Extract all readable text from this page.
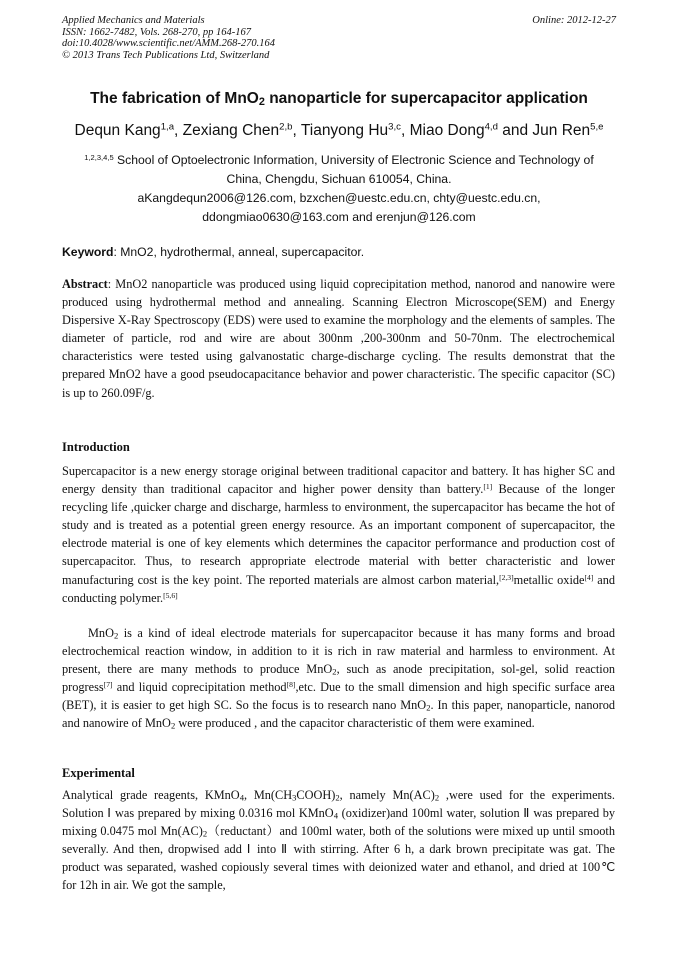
Applied Mechanics and Materials
ISSN: 1662-7482, Vols. 268-270, pp 164-167
doi:10.4028/www.scientific.net/AMM.268-270.164
© 2013 Trans Tech Publications Ltd, Switzerland
Online: 2012-12-27
The fabrication of MnO$_2$ nanoparticle for supercapacitor application
Dequn Kang$^{1,a}$, Zexiang Chen$^{2,b}$, Tianyong Hu$^{3,c}$, Miao Dong$^{4,d}$ and Jun Ren$^{5,e}$
$^{1,2,3,4,5}$ School of Optoelectronic Information, University of Electronic Science and Technology of
China, Chengdu, Sichuan 610054, China.
aKangdequn2006@126.com, bzxchen@uestc.edu.cn, chty@uestc.edu.cn,
ddongmiao0630@163.com and erenjun@126.com
Keyword: MnO2, hydrothermal, anneal, supercapacitor.

Abstract: MnO2 nanoparticle was produced using liquid coprecipitation method, nanorod and nanowire were produced using hydrothermal method and annealing. Scanning Electron Microscope(SEM) and Energy Dispersive X-Ray Spectroscopy (EDS) were used to examine the morphology and the elements of samples. The diameter of particle, rod and wire are about 300nm ,200-300nm and 50-70nm. The electrochemical characteristics were tested using galvanostatic charge-discharge cycling. The results demonstrat that the prepared MnO2 have a good pseudocapacitance behavior and power characteristic. The specific capacitor (SC) is up to 260.09F/g.

Introduction

Supercapacitor is a new energy storage original between traditional capacitor and battery. It has higher SC and energy density than traditional capacitor and higher power density than battery.[1] Because of the longer recycling life ,quicker charge and discharge, harmless to environment, the supercapacitor has became the hot of study and is treated as a potential green energy resource. As an important component of supercapacitor, the electrode material is one of key elements which determines the capacitor performance and production cost of supercapacitor. Thus, to research appropriate electrode material with better characteristic and lower manufacturing cost is the key point. The reported materials are almost carbon material,[2,3]metallic oxide[4] and conducting polymer.[5,6]

MnO$_2$ is a kind of ideal electrode materials for supercapacitor because it has many forms and broad electrochemical reaction window, in addition to it is rich in raw material and harmless to environment. At present, there are many methods to produce MnO$_2$, such as anode precipitation, sol-gel, solid reaction progress[7] and liquid coprecipitation method[8],etc. Due to the small dimension and high specific surface area (BET), it is easier to get high SC. So the focus is to research nano MnO$_2$. In this paper, nanoparticle, nanorod and nanowire of MnO$_2$ were produced , and the capacitor characteristic of them were examined.

Experimental

Analytical grade reagents, KMnO$_4$, $Mn(CH_3COOH)_2$, namely $Mn(AC)_2$ ,were used for the experiments. Solution Ⅰ was prepared by mixing 0.0316 mol KMnO$_4$ (oxidizer)and 100ml water, solution Ⅱ was prepared by mixing 0.0475 mol $Mn(AC)_2(reductant)and$ 100ml water, both of the solutions were mixed up until smooth severally. And then, dropwised add Ⅰ into Ⅱ with stirring. After 6 h, a dark brown precipitate was gat. The product was separated, washed copiously several times with deionized water and ethanol, and dried at 100℃ for 12h in air. We got the sample,
